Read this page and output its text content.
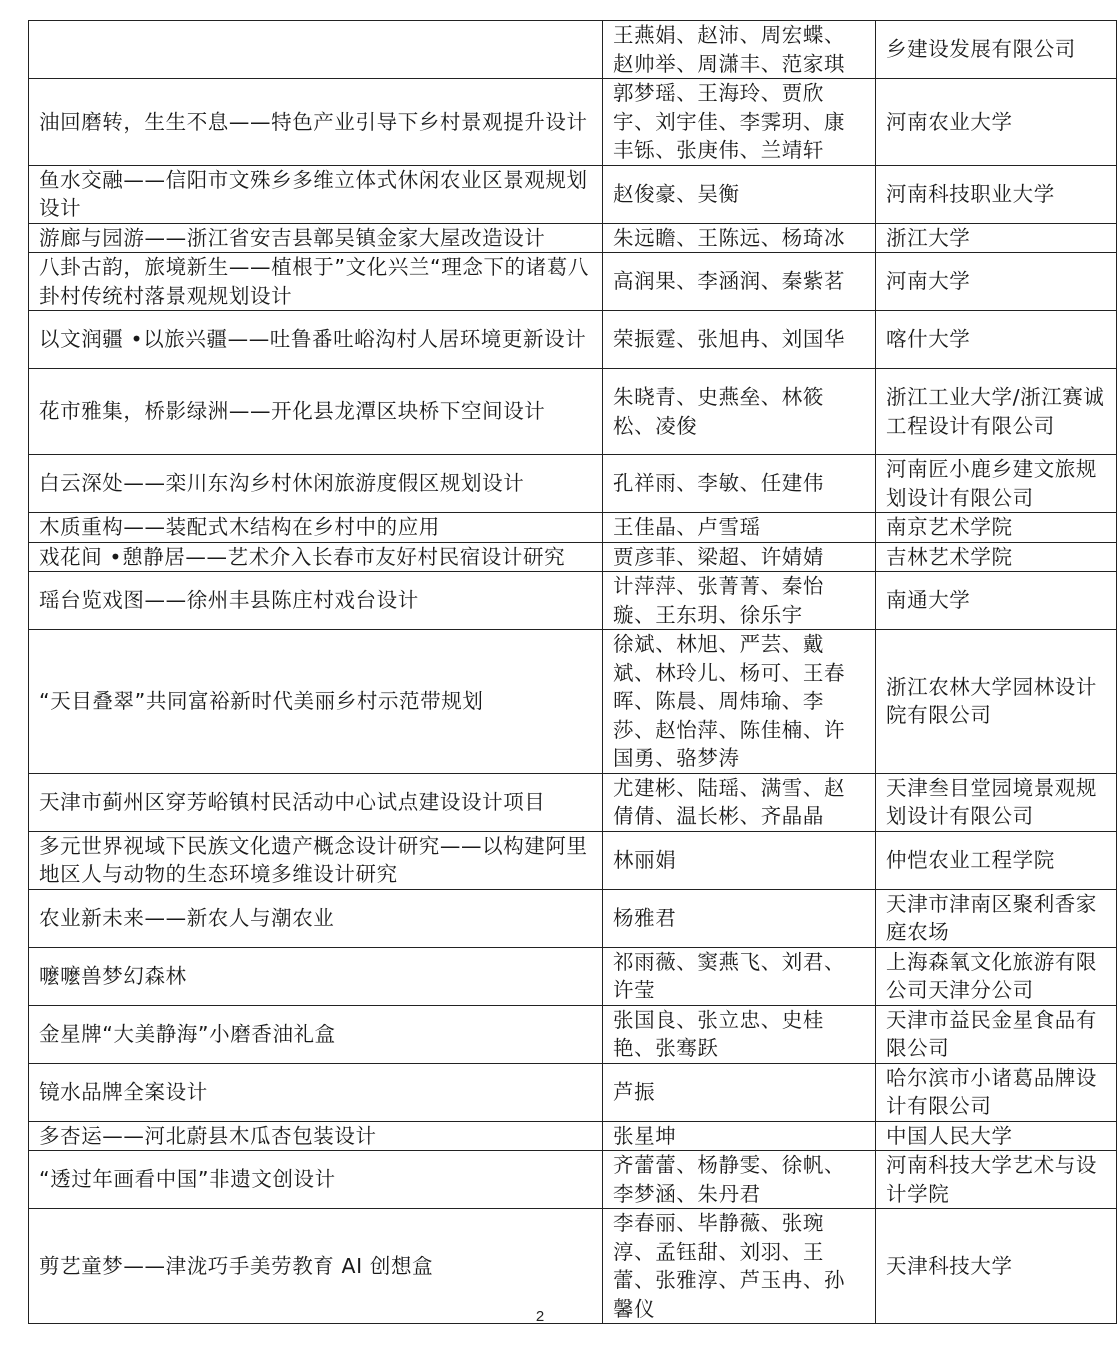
	王燕娟、赵沛、周宏蝶、赵帅举、周潇丰、范家琪	乡建设发展有限公司
油回磨转，生生不息——特色产业引导下乡村景观提升设计	郭梦瑶、王海玲、贾欣宇、刘宇佳、李霁玥、康丰铄、张庚伟、兰靖轩	河南农业大学
鱼水交融——信阳市文殊乡多维立体式休闲农业区景观规划设计	赵俊豪、吴衡	河南科技职业大学
游廊与园游——浙江省安吉县鄣吴镇金家大屋改造设计	朱远瞻、王陈远、杨琦冰	浙江大学
八卦古韵，旅境新生——植根于”文化兴兰“理念下的诸葛八卦村传统村落景观规划设计	高润果、李涵润、秦紫茗	河南大学
以文润疆 •以旅兴疆——吐鲁番吐峪沟村人居环境更新设计	荣振霆、张旭冉、刘国华	喀什大学
花市雅集，桥影绿洲——开化县龙潭区块桥下空间设计	朱晓青、史燕垒、林筱松、凌俊	浙江工业大学/浙江赛诚工程设计有限公司
白云深处——栾川东沟乡村休闲旅游度假区规划设计	孔祥雨、李敏、任建伟	河南匠小鹿乡建文旅规划设计有限公司
木质重构——装配式木结构在乡村中的应用	王佳晶、卢雪瑶	南京艺术学院
戏花间 •憩静居——艺术介入长春市友好村民宿设计研究	贾彦菲、梁超、许婧婧	吉林艺术学院
瑶台览戏图——徐州丰县陈庄村戏台设计	计萍萍、张菁菁、秦怡璇、王东玥、徐乐宇	南通大学
“天目叠翠”共同富裕新时代美丽乡村示范带规划	徐斌、林旭、严芸、戴斌、林玲儿、杨可、王春晖、陈晨、周炜瑜、李莎、赵怡萍、陈佳楠、许国勇、骆梦涛	浙江农林大学园林设计院有限公司
天津市蓟州区穿芳峪镇村民活动中心试点建设设计项目	尤建彬、陆瑶、满雪、赵倩倩、温长彬、齐晶晶	天津叁目堂园境景观规划设计有限公司
多元世界视域下民族文化遗产概念设计研究——以构建阿里地区人与动物的生态环境多维设计研究	林丽娟	仲恺农业工程学院
农业新未来——新农人与潮农业	杨雅君	天津市津南区聚利香家庭农场
嚒嚒兽梦幻森林	祁雨薇、窦燕飞、刘君、许莹	上海森氧文化旅游有限公司天津分公司
金星牌“大美静海”小磨香油礼盒	张国良、张立忠、史桂艳、张骞跃	天津市益民金星食品有限公司
镜水品牌全案设计	芦振	哈尔滨市小诸葛品牌设计有限公司
多杏运——河北蔚县木瓜杏包装设计	张星坤	中国人民大学
“透过年画看中国”非遗文创设计	齐蕾蕾、杨静雯、徐帆、李梦涵、朱丹君	河南科技大学艺术与设计学院
剪艺童梦——津泷巧手美劳教育 AI 创想盒	李春丽、毕静薇、张琬淳、孟钰甜、刘羽、王蕾、张雅淳、芦玉冉、孙馨仪	天津科技大学
2
